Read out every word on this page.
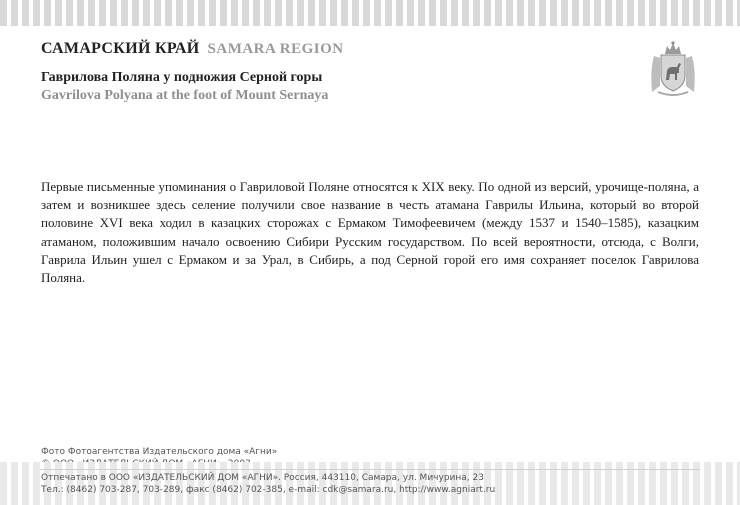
САМАРСКИЙ КРАЙ SAMARA REGION
Гаврилова Поляна у подножия Серной горы
Gavrilova Polyana at the foot of Mount Sernaya
Первые письменные упоминания о Гавриловой Поляне относятся к XIX веку. По одной из версий, урочище-поляна, а затем и возникшее здесь селение получили свое название в честь атамана Гаврилы Ильина, который во второй половине XVI века ходил в казацких сторожах с Ермаком Тимофеевичем (между 1537 и 1540–1585), казацким атаманом, положившим начало освоению Сибири Русским государством. По всей вероятности, отсюда, с Волги, Гаврила Ильин ушел с Ермаком и за Урал, в Сибирь, а под Серной горой его имя сохраняет поселок Гаврилова Поляна.
Фото Фотоагентства Издательского дома «Агни»
Отпечатано в ООО «ИЗДАТЕЛЬСКИЙ ДОМ «АГНИ». Россия, 443110, Самара, ул. Мичурина, 23
Тел.: (8462) 703-287, 703-289, факс (8462) 702-385, e-mail: cdk@samara.ru, http://www.agniart.ru
